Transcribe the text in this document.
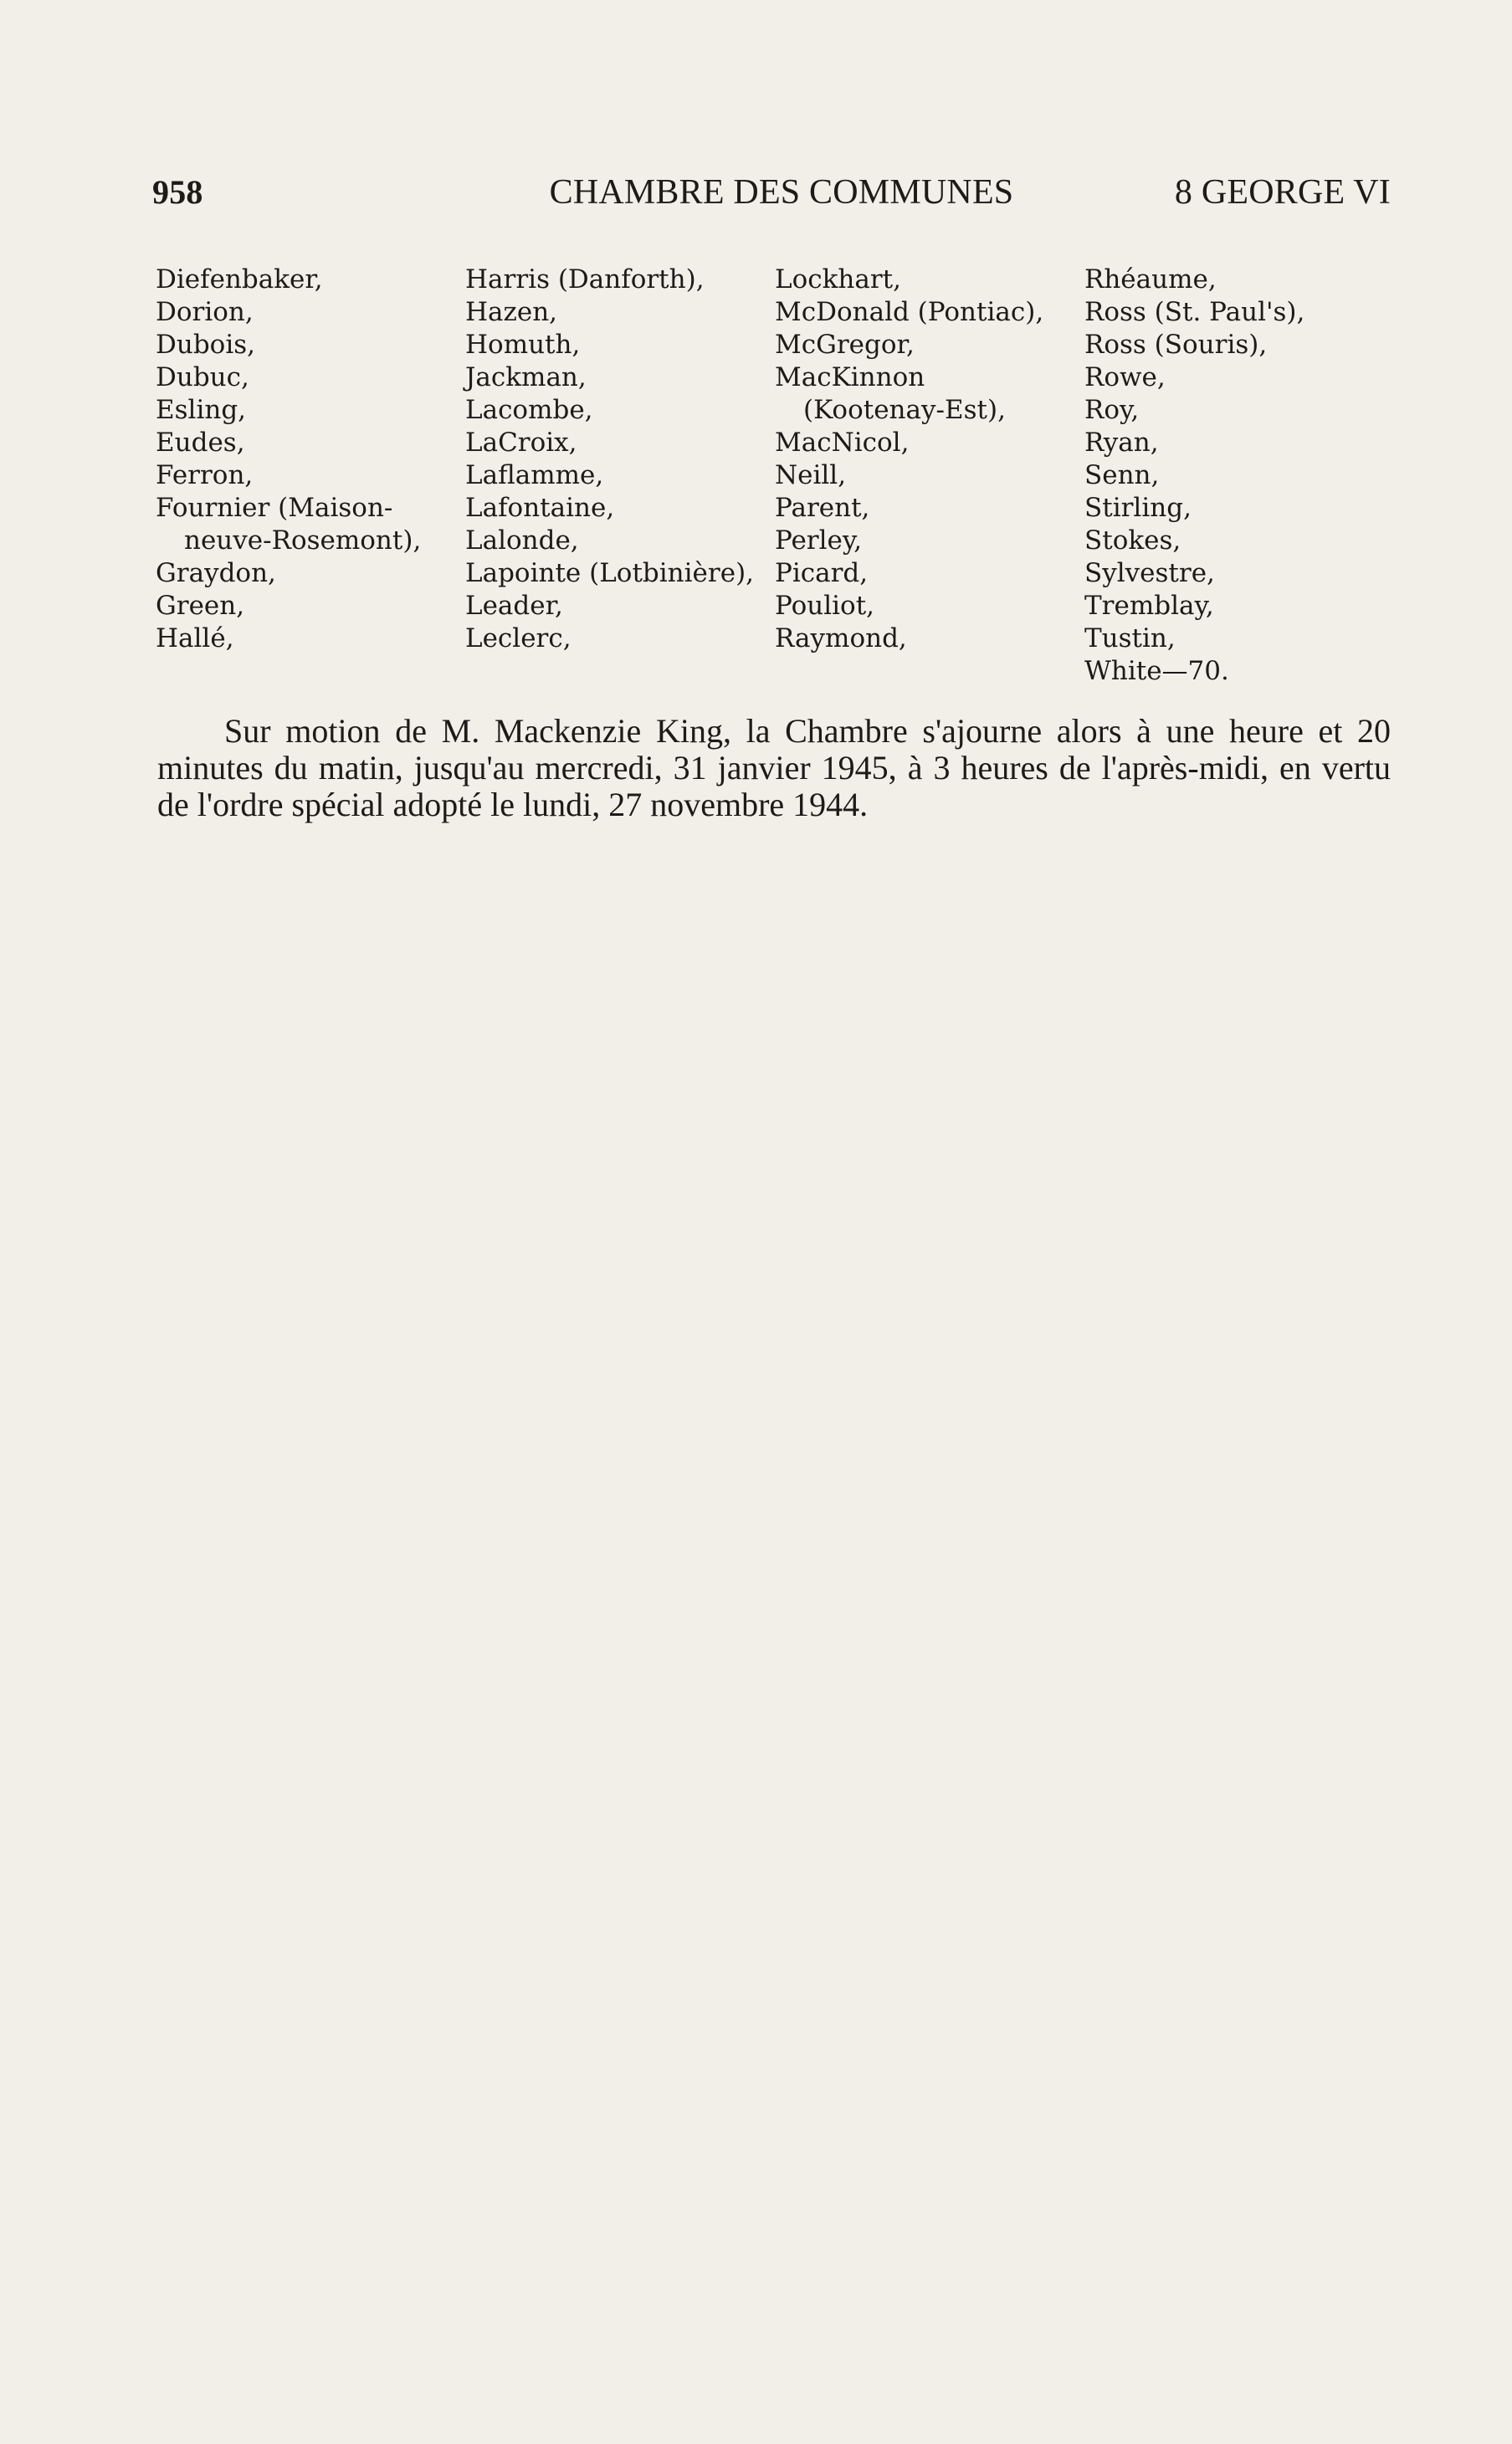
958	CHAMBRE DES COMMUNES	8 GEORGE VI
Diefenbaker,
Dorion,
Dubois,
Dubuc,
Esling,
Eudes,
Ferron,
Fournier (Maison-
neuve-Rosemont),
Graydon,
Green,
Hallé,
Harris (Danforth),
Hazen,
Homuth,
Jackman,
Lacombe,
LaCroix,
Laflamme,
Lafontaine,
Lalonde,
Lapointe (Lotbinière),
Leader,
Leclerc,
Lockhart,
McDonald (Pontiac),
McGregor,
MacKinnon
(Kootenay-Est),
MacNicol,
Neill,
Parent,
Perley,
Picard,
Pouliot,
Raymond,
Rhéaume,
Ross (St. Paul's),
Ross (Souris),
Rowe,
Roy,
Ryan,
Senn,
Stirling,
Stokes,
Sylvestre,
Tremblay,
Tustin,
White—70.

Sur motion de M. Mackenzie King, la Chambre s'ajourne alors à une heure et 20 minutes du matin, jusqu'au mercredi, 31 janvier 1945, à 3 heures de l'après-midi, en vertu de l'ordre spécial adopté le lundi, 27 novembre 1944.
